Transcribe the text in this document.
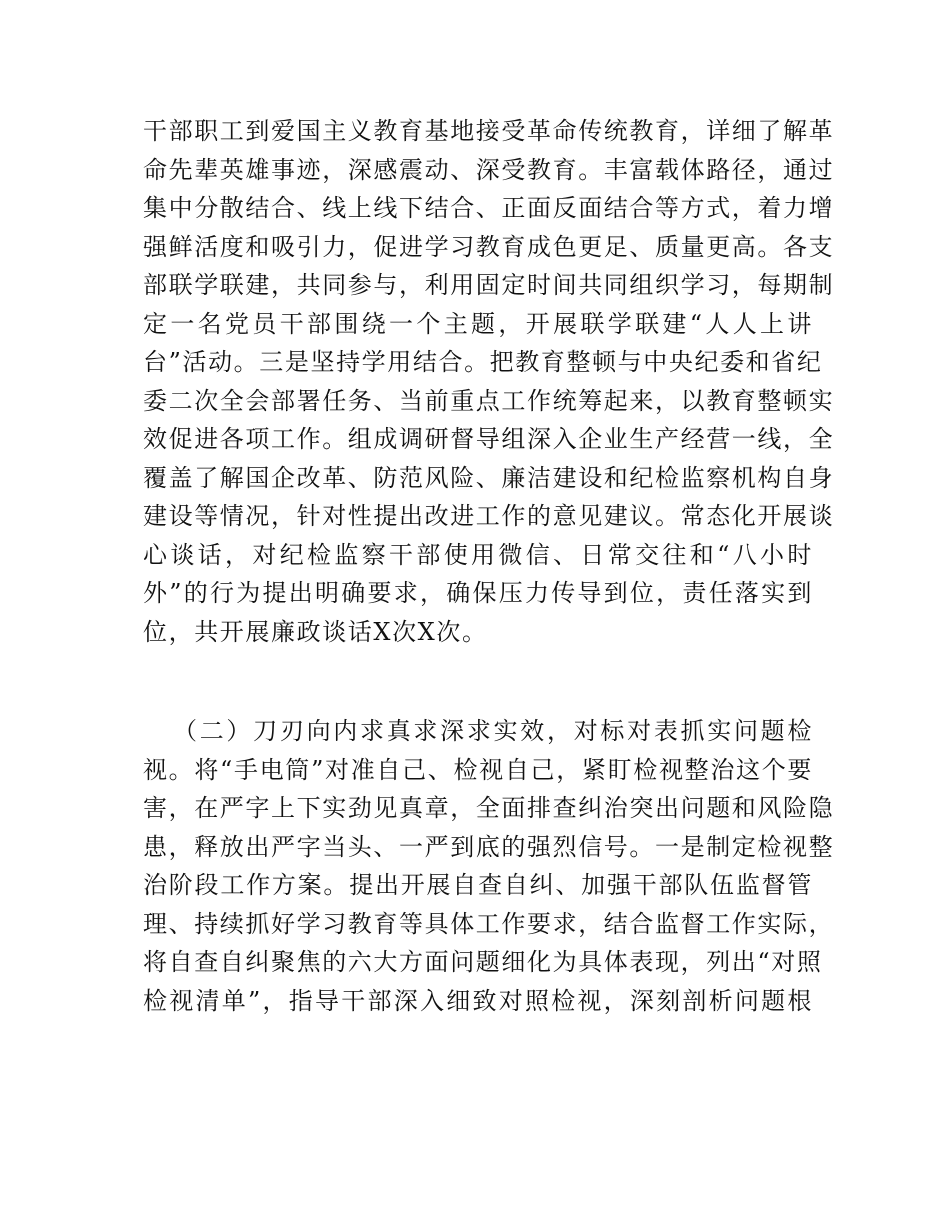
干部职工到爱国主义教育基地接受革命传统教育，详细了解革
命先辈英雄事迹，深感震动、深受教育。丰富载体路径，通过
集中分散结合、线上线下结合、正面反面结合等方式，着力增
强鲜活度和吸引力，促进学习教育成色更足、质量更高。各支
部联学联建，共同参与，利用固定时间共同组织学习，每期制
定一名党员干部围绕一个主题，开展联学联建“人人上讲
台”活动。三是坚持学用结合。把教育整顿与中央纪委和省纪
委二次全会部署任务、当前重点工作统筹起来，以教育整顿实
效促进各项工作。组成调研督导组深入企业生产经营一线，全
覆盖了解国企改革、防范风险、廉洁建设和纪检监察机构自身
建设等情况，针对性提出改进工作的意见建议。常态化开展谈
心谈话，对纪检监察干部使用微信、日常交往和“八小时
外”的行为提出明确要求，确保压力传导到位，责任落实到
位，共开展廉政谈话X次X次。
（二）刀刃向内求真求深求实效，对标对表抓实问题检
视。将“手电筒”对准自己、检视自己，紧盯检视整治这个要
害，在严字上下实劲见真章，全面排查纠治突出问题和风险隐
患，释放出严字当头、一严到底的强烈信号。一是制定检视整
治阶段工作方案。提出开展自查自纠、加强干部队伍监督管
理、持续抓好学习教育等具体工作要求，结合监督工作实际，
将自查自纠聚焦的六大方面问题细化为具体表现，列出“对照
检视清单”，指导干部深入细致对照检视，深刻剖析问题根
